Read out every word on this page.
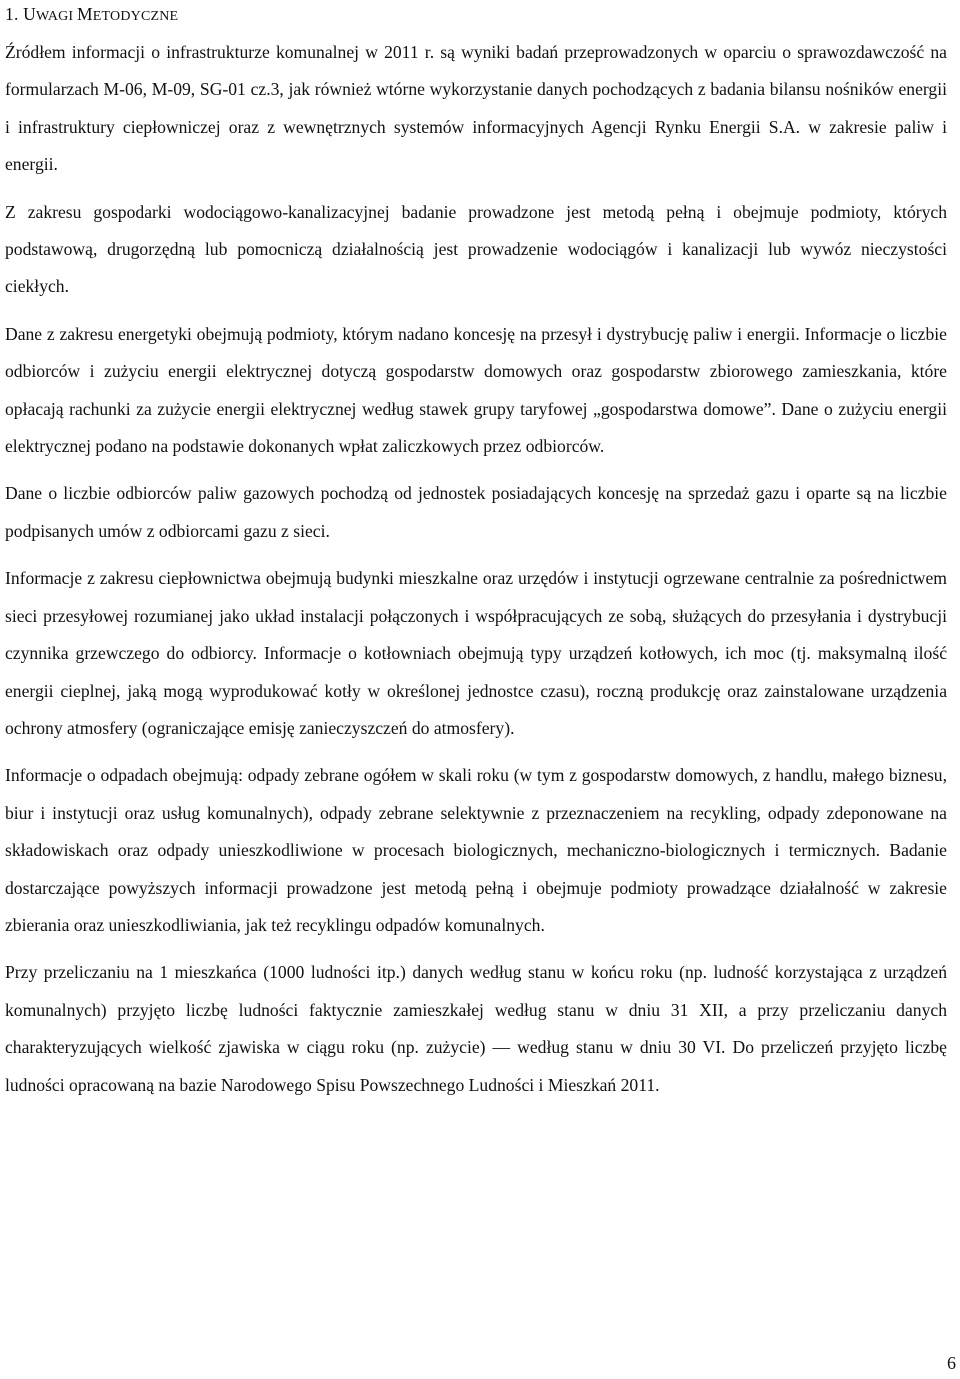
1. UWAGI METODYCZNE

Źródłem informacji o infrastrukturze komunalnej w 2011 r. są wyniki badań przeprowadzonych w oparciu o sprawozdawczość na formularzach M-06, M-09, SG-01 cz.3, jak również wtórne wykorzystanie danych pochodzących z badania bilansu nośników energii i infrastruktury ciepłowniczej oraz z wewnętrznych systemów informacyjnych Agencji Rynku Energii S.A. w zakresie paliw i energii.

Z zakresu gospodarki wodociągowo-kanalizacyjnej badanie prowadzone jest metodą pełną i obejmuje podmioty, których podstawową, drugorzędną lub pomocniczą działalnością jest prowadzenie wodociągów i kanalizacji lub wywóz nieczystości ciekłych.

Dane z zakresu energetyki obejmują podmioty, którym nadano koncesję na przesył i dystrybucję paliw i energii. Informacje o liczbie odbiorców i zużyciu energii elektrycznej dotyczą gospodarstw domowych oraz gospodarstw zbiorowego zamieszkania, które opłacają rachunki za zużycie energii elektrycznej według stawek grupy taryfowej „gospodarstwa domowe”. Dane o zużyciu energii elektrycznej podano na podstawie dokonanych wpłat zaliczkowych przez odbiorców.

Dane o liczbie odbiorców paliw gazowych pochodzą od jednostek posiadających koncesję na sprzedaż gazu i oparte są na liczbie podpisanych umów z odbiorcami gazu z sieci.

Informacje z zakresu ciepłownictwa obejmują budynki mieszkalne oraz urzędów i instytucji ogrzewane centralnie za pośrednictwem sieci przesyłowej rozumianej jako układ instalacji połączonych i współpracujących ze sobą, służących do przesyłania i dystrybucji czynnika grzewczego do odbiorcy. Informacje o kotłowniach obejmują typy urządzeń kotłowych, ich moc (tj. maksymalną ilość energii cieplnej, jaką mogą wyprodukować kotły w określonej jednostce czasu), roczną produkcję oraz zainstalowane urządzenia ochrony atmosfery (ograniczające emisję zanieczyszczeń do atmosfery).

Informacje o odpadach obejmują: odpady zebrane ogółem w skali roku (w tym z gospodarstw domowych, z handlu, małego biznesu, biur i instytucji oraz usług komunalnych), odpady zebrane selektywnie z przeznaczeniem na recykling, odpady zdeponowane na składowiskach oraz odpady unieszkodliwione w procesach biologicznych, mechaniczno-biologicznych i termicznych. Badanie dostarczające powyższych informacji prowadzone jest metodą pełną i obejmuje podmioty prowadzące działalność w zakresie zbierania oraz unieszkodliwiania, jak też recyklingu odpadów komunalnych.

Przy przeliczaniu na 1 mieszkańca (1000 ludności itp.) danych według stanu w końcu roku (np. ludność korzystająca z urządzeń komunalnych) przyjęto liczbę ludności faktycznie zamieszkałej według stanu w dniu 31 XII, a przy przeliczaniu danych charakteryzujących wielkość zjawiska w ciągu roku (np. zużycie) — według stanu w dniu 30 VI. Do przeliczeń przyjęto liczbę ludności opracowaną na bazie Narodowego Spisu Powszechnego Ludności i Mieszkań 2011.

6
